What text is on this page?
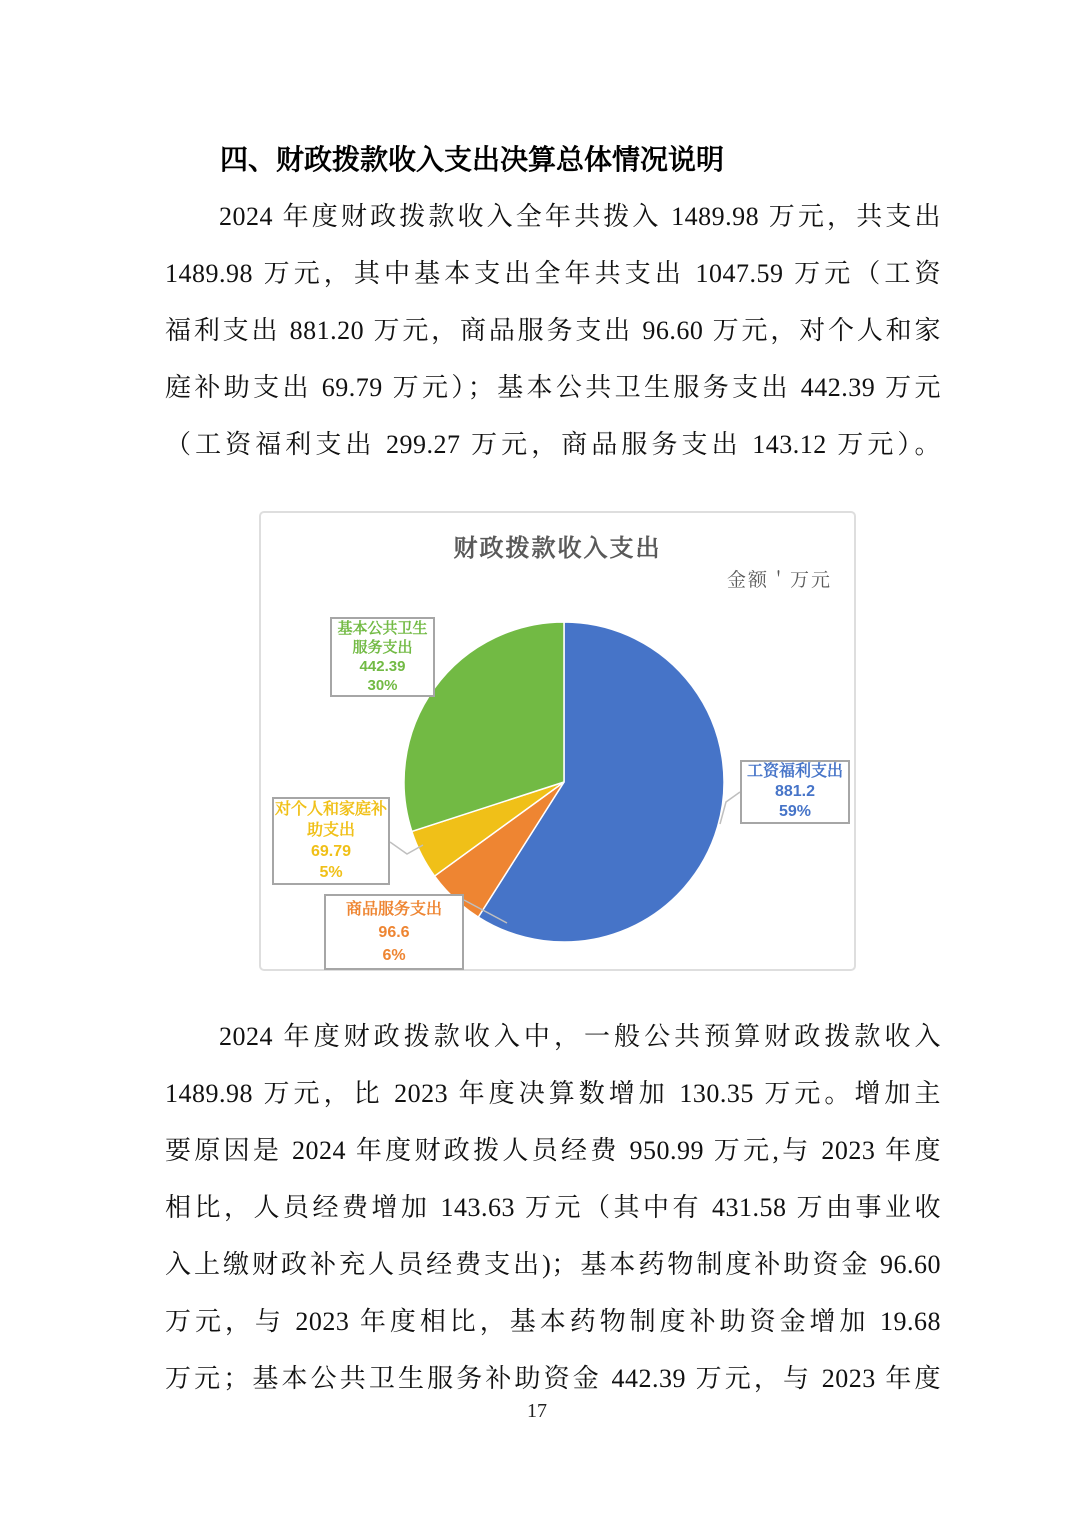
四、财政拨款收入支出决算总体情况说明
2024 年度财政拨款收入全年共拨入 1489.98 万元，共支出
1489.98 万元，其中基本支出全年共支出 1047.59 万元（工资
福利支出 881.20 万元，商品服务支出 96.60 万元，对个人和家
庭补助支出 69.79 万元）；基本公共卫生服务支出 442.39 万元
（工资福利支出 299.27 万元，商品服务支出 143.12 万元）。
财政拨款收入支出
金额＇万元
工资福利支出
881.2
59%
商品服务支出
96.6
6%
对个人和家庭补助支出
69.79
5%
基本公共卫生服务支出
442.39
30%
2024 年度财政拨款收入中，一般公共预算财政拨款收入
1489.98 万元，比 2023 年度决算数增加 130.35 万元。增加主
要原因是 2024 年度财政拨人员经费 950.99 万元,与 2023 年度
相比，人员经费增加 143.63 万元（其中有 431.58 万由事业收
入上缴财政补充人员经费支出)；基本药物制度补助资金 96.60
万元，与 2023 年度相比，基本药物制度补助资金增加 19.68
万元；基本公共卫生服务补助资金 442.39 万元，与 2023 年度
17
